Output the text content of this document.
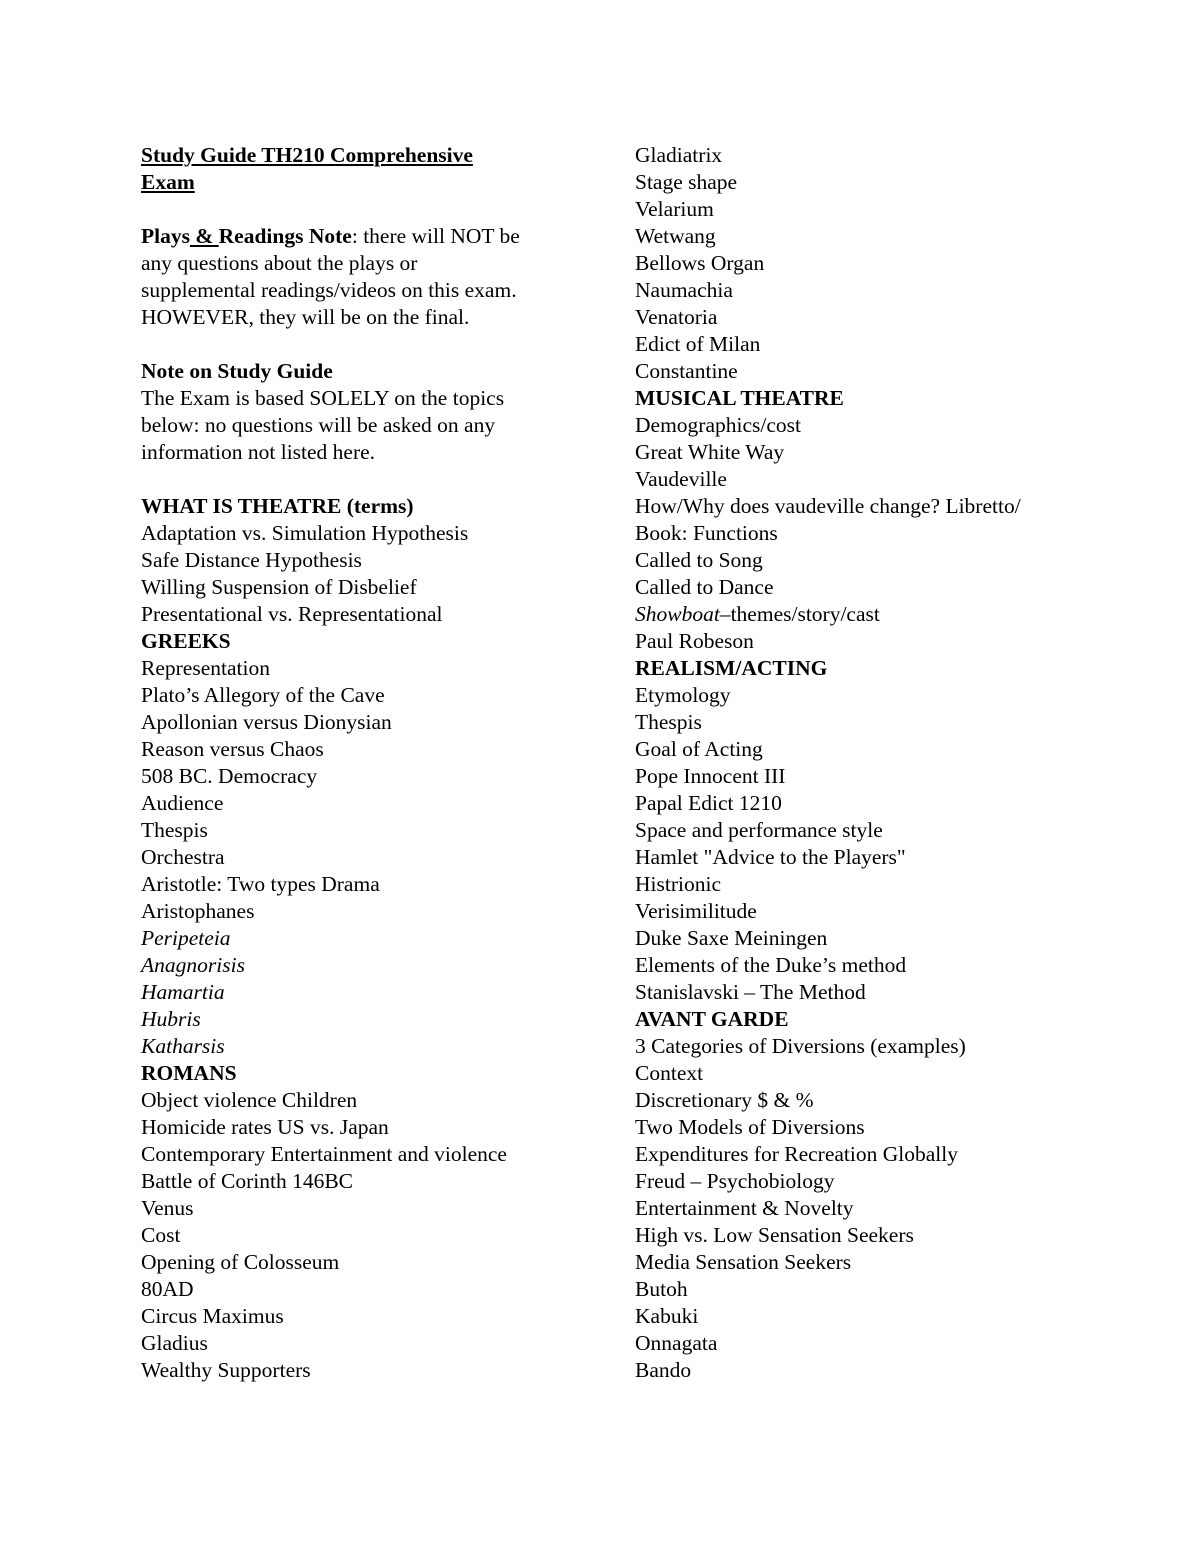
Study Guide TH210 Comprehensive
Exam
Plays & Readings Note: there will NOT be
any questions about the plays or
supplemental readings/videos on this exam.
HOWEVER, they will be on the final.
Note on Study Guide
The Exam is based SOLELY on the topics
below: no questions will be asked on any
information not listed here.
WHAT IS THEATRE (terms)
Adaptation vs. Simulation Hypothesis
Safe Distance Hypothesis
Willing Suspension of Disbelief
Presentational vs. Representational
GREEKS
Representation
Plato’s Allegory of the Cave
Apollonian versus Dionysian
Reason versus Chaos
508 BC. Democracy
Audience
Thespis
Orchestra
Aristotle: Two types Drama
Aristophanes
Peripeteia
Anagnorisis
Hamartia
Hubris
Katharsis
ROMANS
Object violence Children
Homicide rates US vs. Japan
Contemporary Entertainment and violence
Battle of Corinth 146BC
Venus
Cost
Opening of Colosseum
80AD
Circus Maximus
Gladius
Wealthy Supporters
Gladiatrix
Stage shape
Velarium
Wetwang
Bellows Organ
Naumachia
Venatoria
Edict of Milan
Constantine
MUSICAL THEATRE
Demographics/cost
Great White Way
Vaudeville
How/Why does vaudeville change? Libretto/
Book: Functions
Called to Song
Called to Dance
Showboat–themes/story/cast
Paul Robeson
REALISM/ACTING
Etymology
Thespis
Goal of Acting
Pope Innocent III
Papal Edict 1210
Space and performance style
Hamlet "Advice to the Players"
Histrionic
Verisimilitude
Duke Saxe Meiningen
Elements of the Duke’s method
Stanislavski – The Method
AVANT GARDE
3 Categories of Diversions (examples)
Context
Discretionary $ & %
Two Models of Diversions
Expenditures for Recreation Globally
Freud – Psychobiology
Entertainment & Novelty
High vs. Low Sensation Seekers
Media Sensation Seekers
Butoh
Kabuki
Onnagata
Bando
